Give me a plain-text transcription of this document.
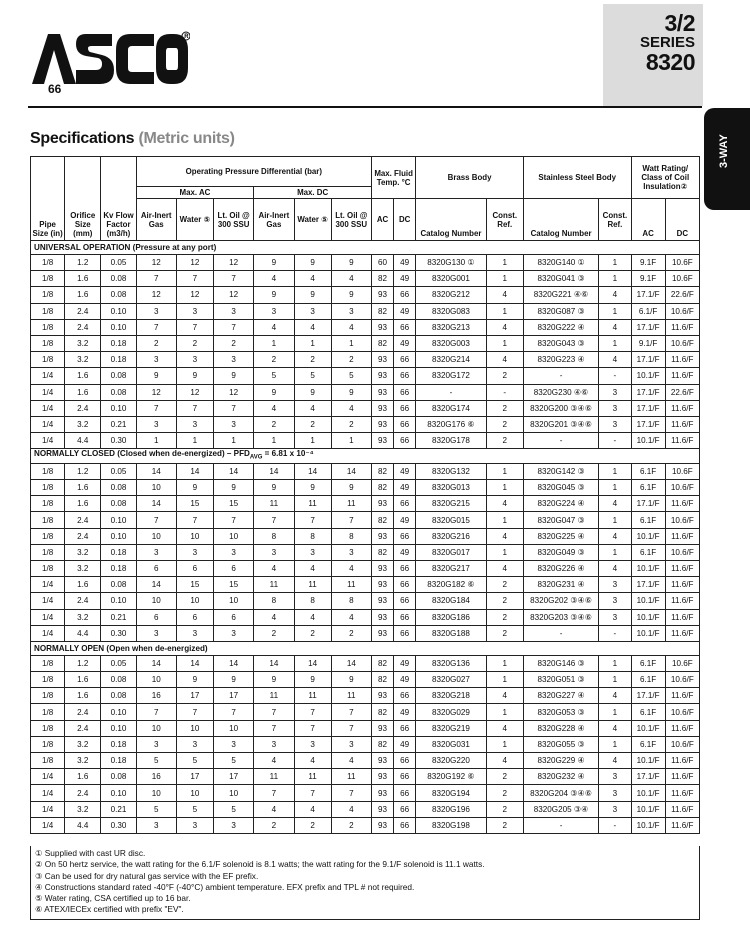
R
66
3/2
SERIES
8320
3-WAY
Specifications (Metric units)
Pipe Size (in)	Orifice Size (mm)	Kv Flow Factor (m3/h)	Operating Pressure Differential (bar)						Max. Fluid Temp. °C		Brass Body		Stainless Steel Body		Watt Rating/ Class of Coil Insulation②	
			Max. AC			Max. DC										
			Air-Inert Gas	Water ⑤	Lt. Oil @ 300 SSU	Air-Inert Gas	Water ⑤	Lt. Oil @ 300 SSU	AC	DC	Catalog Number	Const. Ref.	Catalog Number	Const. Ref.	AC	DC
UNIVERSAL OPERATION (Pressure at any port)																
1/8	1.2	0.05	12	12	12	9	9	9	60	49	8320G130 ①	1	8320G140 ①	1	9.1F	10.6F
1/8	1.6	0.08	7	7	7	4	4	4	82	49	8320G001	1	8320G041 ③	1	9.1F	10.6F
1/8	1.6	0.08	12	12	12	9	9	9	93	66	8320G212	4	8320G221 ④⑥	4	17.1/F	22.6/F
1/8	2.4	0.10	3	3	3	3	3	3	82	49	8320G083	1	8320G087 ③	1	6.1/F	10.6/F
1/8	2.4	0.10	7	7	7	4	4	4	93	66	8320G213	4	8320G222 ④	4	17.1/F	11.6/F
1/8	3.2	0.18	2	2	2	1	1	1	82	49	8320G003	1	8320G043 ③	1	9.1/F	10.6/F
1/8	3.2	0.18	3	3	3	2	2	2	93	66	8320G214	4	8320G223 ④	4	17.1/F	11.6/F
1/4	1.6	0.08	9	9	9	5	5	5	93	66	8320G172	2	-	-	10.1/F	11.6/F
1/4	1.6	0.08	12	12	12	9	9	9	93	66	-	-	8320G230 ④⑥	3	17.1/F	22.6/F
1/4	2.4	0.10	7	7	7	4	4	4	93	66	8320G174	2	8320G200 ③④⑥	3	17.1/F	11.6/F
1/4	3.2	0.21	3	3	3	2	2	2	93	66	8320G176 ⑥	2	8320G201 ③④⑥	3	17.1/F	11.6/F
1/4	4.4	0.30	1	1	1	1	1	1	93	66	8320G178	2	-	-	10.1/F	11.6/F
NORMALLY CLOSED (Closed when de-energized) – $PFD_{AVG} = 6.81$ x 10⁻⁴																
1/8	1.2	0.05	14	14	14	14	14	14	82	49	8320G132	1	8320G142 ③	1	6.1F	10.6F
1/8	1.6	0.08	10	9	9	9	9	9	82	49	8320G013	1	8320G045 ③	1	6.1F	10.6/F
1/8	1.6	0.08	14	15	15	11	11	11	93	66	8320G215	4	8320G224 ④	4	17.1/F	11.6/F
1/8	2.4	0.10	7	7	7	7	7	7	82	49	8320G015	1	8320G047 ③	1	6.1F	10.6/F
1/8	2.4	0.10	10	10	10	8	8	8	93	66	8320G216	4	8320G225 ④	4	10.1/F	11.6/F
1/8	3.2	0.18	3	3	3	3	3	3	82	49	8320G017	1	8320G049 ③	1	6.1F	10.6/F
1/8	3.2	0.18	6	6	6	4	4	4	93	66	8320G217	4	8320G226 ④	4	10.1/F	11.6/F
1/4	1.6	0.08	14	15	15	11	11	11	93	66	8320G182 ⑥	2	8320G231 ④	3	17.1/F	11.6/F
1/4	2.4	0.10	10	10	10	8	8	8	93	66	8320G184	2	8320G202 ③④⑥	3	10.1/F	11.6/F
1/4	3.2	0.21	6	6	6	4	4	4	93	66	8320G186	2	8320G203 ③④⑥	3	10.1/F	11.6/F
1/4	4.4	0.30	3	3	3	2	2	2	93	66	8320G188	2	-	-	10.1/F	11.6/F
NORMALLY OPEN (Open when de-energized)																
1/8	1.2	0.05	14	14	14	14	14	14	82	49	8320G136	1	8320G146 ③	1	6.1F	10.6F
1/8	1.6	0.08	10	9	9	9	9	9	82	49	8320G027	1	8320G051 ③	1	6.1F	10.6/F
1/8	1.6	0.08	16	17	17	11	11	11	93	66	8320G218	4	8320G227 ④	4	17.1/F	11.6/F
1/8	2.4	0.10	7	7	7	7	7	7	82	49	8320G029	1	8320G053 ③	1	6.1F	10.6/F
1/8	2.4	0.10	10	10	10	7	7	7	93	66	8320G219	4	8320G228 ④	4	10.1/F	11.6/F
1/8	3.2	0.18	3	3	3	3	3	3	82	49	8320G031	1	8320G055 ③	1	6.1F	10.6/F
1/8	3.2	0.18	5	5	5	4	4	4	93	66	8320G220	4	8320G229 ④	4	10.1/F	11.6/F
1/4	1.6	0.08	16	17	17	11	11	11	93	66	8320G192 ⑥	2	8320G232 ④	3	17.1/F	11.6/F
1/4	2.4	0.10	10	10	10	7	7	7	93	66	8320G194	2	8320G204 ③④⑥	3	10.1/F	11.6/F
1/4	3.2	0.21	5	5	5	4	4	4	93	66	8320G196	2	8320G205 ③④	3	10.1/F	11.6/F
1/4	4.4	0.30	3	3	3	2	2	2	93	66	8320G198	2	-	-	10.1/F	11.6/F
① Supplied with cast UR disc.
② On 50 hertz service, the watt rating for the 6.1/F solenoid is 8.1 watts; the watt rating for the 9.1/F solenoid is 11.1 watts.
③ Can be used for dry natural gas service with the EF prefix.
④ Constructions standard rated -40°F (-40°C) ambient temperature. EFX prefix and TPL # not required.
⑤ Water rating, CSA certified up to 16 bar.
⑥ ATEX/IECEx certified with prefix "EV".
